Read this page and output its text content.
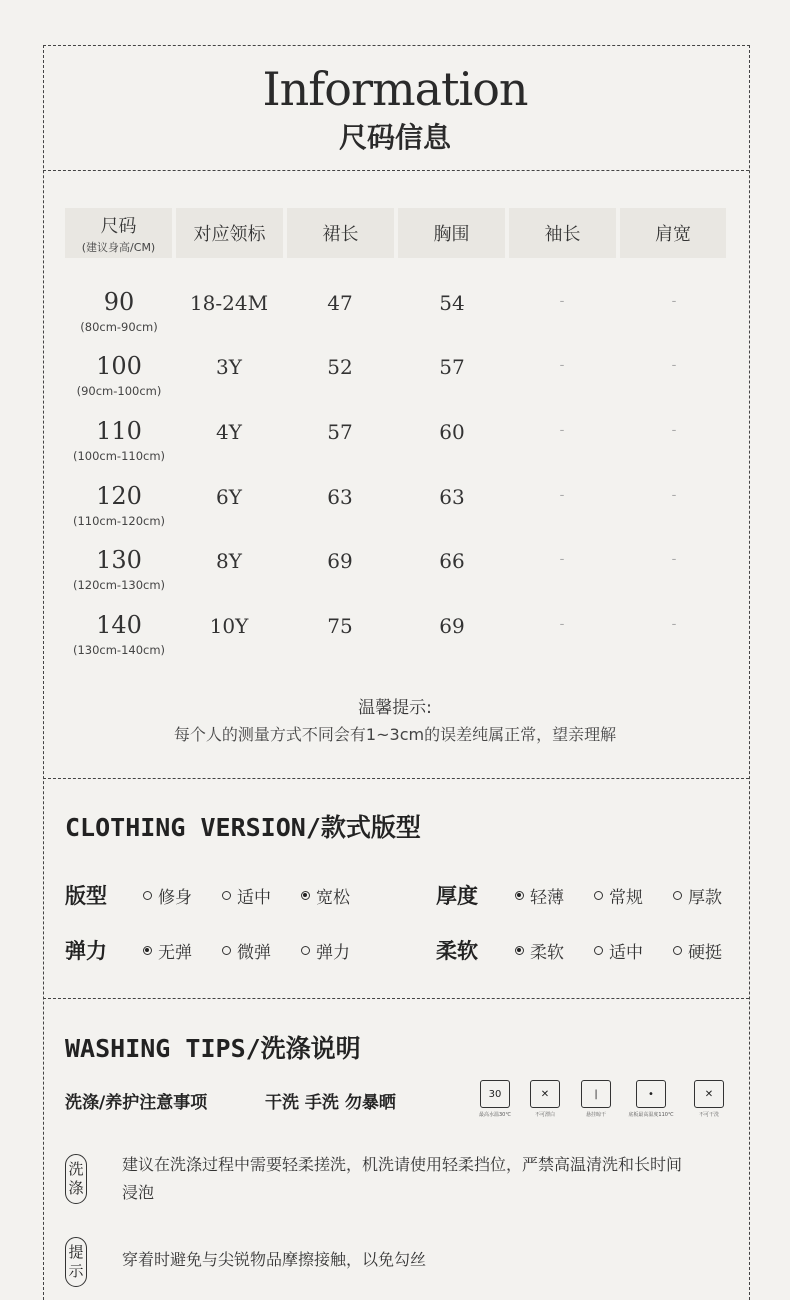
Information
尺码信息
尺码
(建议身高/CM)
对应领标	裙长	胸围	袖长	肩宽
90
(80cm-90cm)
18-24M	47	54	-	-
100
(90cm-100cm)
3Y	52	57	-	-
110
(100cm-110cm)
4Y	57	60	-	-
120
(110cm-120cm)
6Y	63	63	-	-
130
(120cm-130cm)
8Y	69	66	-	-
140
(130cm-140cm)
10Y	75	69	-	-
温馨提示:
每个人的测量方式不同会有1~3cm的误差纯属正常，望亲理解
CLOTHING VERSION/款式版型
版型	修身	适中	宽松	厚度	轻薄	常规	厚款
弹力	无弹	微弹	弹力	柔软	柔软	适中	硬挺
WASHING TIPS/洗涤说明
洗涤/养护注意事项	干洗 手洗 勿暴晒	30
最高水温30℃
✕
不可漂白
|
悬挂晾干
•
底板最高温度110℃
✕
不可干洗
洗
涤
建议在洗涤过程中需要轻柔搓洗，机洗请使用轻柔挡位，严禁高温清洗和长时间浸泡
提
示
穿着时避免与尖锐物品摩擦接触，以免勾丝
